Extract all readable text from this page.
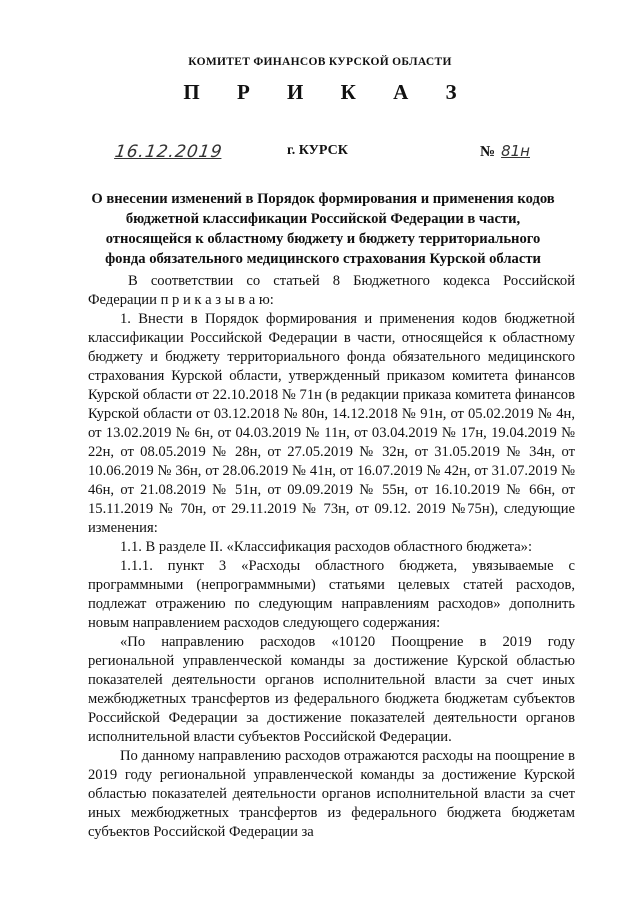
КОМИТЕТ ФИНАНСОВ КУРСКОЙ ОБЛАСТИ
П Р И К А З
16.12.2019	г. КУРСК	№ 81н
О внесении изменений в Порядок формирования и применения кодов
бюджетной классификации Российской Федерации в части,
относящейся к областному бюджету и бюджету территориального
фонда обязательного медицинского страхования Курской области

В соответствии со статьей 8 Бюджетного кодекса Российской Федерации п р и к а з ы в а ю:

1. Внести в Порядок формирования и применения кодов бюджетной классификации Российской Федерации в части, относящейся к областному бюджету и бюджету территориального фонда обязательного медицинского страхования Курской области, утвержденный приказом комитета финансов Курской области от 22.10.2018 № 71н (в редакции приказа комитета финансов Курской области от 03.12.2018 № 80н, 14.12.2018 № 91н, от 05.02.2019 № 4н, от 13.02.2019 № 6н, от 04.03.2019 № 11н, от 03.04.2019 № 17н, 19.04.2019 № 22н, от 08.05.2019 № 28н, от 27.05.2019 № 32н, от 31.05.2019 № 34н, от 10.06.2019 № 36н, от 28.06.2019 № 41н, от 16.07.2019 № 42н, от 31.07.2019 № 46н, от 21.08.2019 № 51н, от 09.09.2019 № 55н, от 16.10.2019 № 66н, от 15.11.2019 № 70н, от 29.11.2019 № 73н, от 09.12. 2019 №75н), следующие изменения:

1.1. В разделе II. «Классификация расходов областного бюджета»:

1.1.1. пункт 3 «Расходы областного бюджета, увязываемые с программными (непрограммными) статьями целевых статей расходов, подлежат отражению по следующим направлениям расходов» дополнить новым направлением расходов следующего содержания:

«По направлению расходов «10120 Поощрение в 2019 году региональной управленческой команды за достижение Курской областью показателей деятельности органов исполнительной власти за счет иных межбюджетных трансфертов из федерального бюджета бюджетам субъектов Российской Федерации за достижение показателей деятельности органов исполнительной власти субъектов Российской Федерации.

По данному направлению расходов отражаются расходы на поощрение в 2019 году региональной управленческой команды за достижение Курской областью показателей деятельности органов исполнительной власти за счет иных межбюджетных трансфертов из федерального бюджета бюджетам субъектов Российской Федерации за
